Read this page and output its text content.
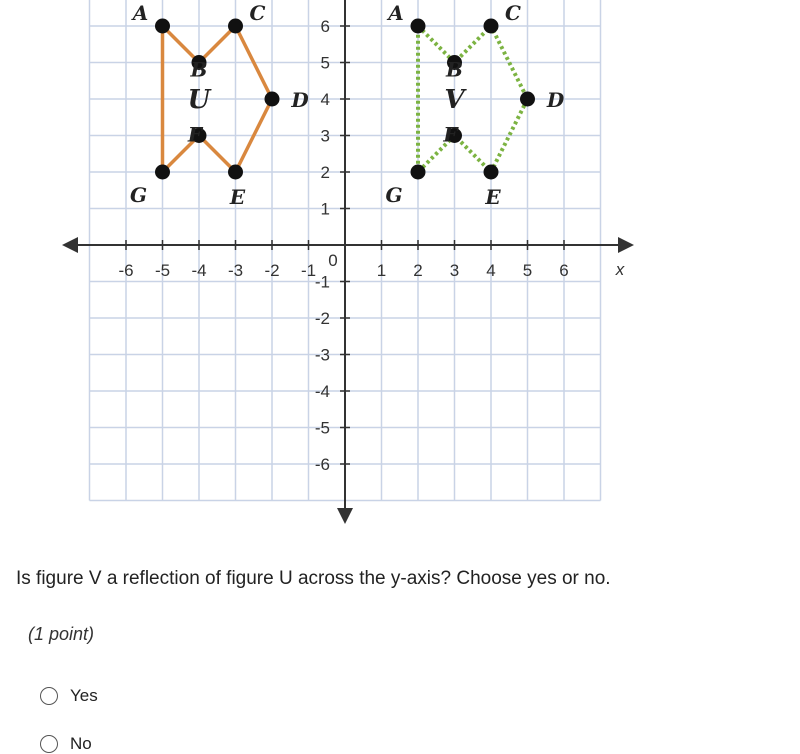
-6 -5 -4 -3 -2 -1	1 2 3 4 5 6
0	x
1
-1
2
-2
3
-3
4
-4
5
-5
6
-6
A
B
C
D
E
F
G
U
A
B
C
D
E
F
G
V
Is figure V a reflection of figure U across the y-axis? Choose yes or no.
(1 point)
Yes
No
